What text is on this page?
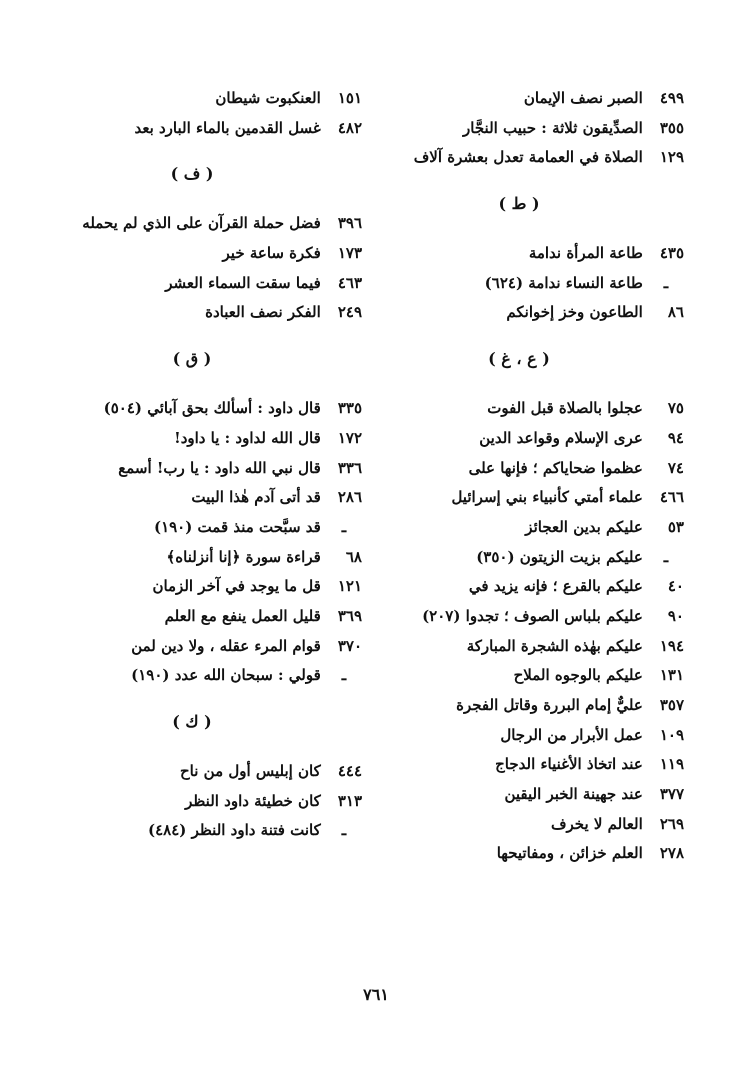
٤٩٩ الصبر نصف الإيمان
٣٥٥ الصدِّيقون ثلاثة : حبيب النجَّار
١٢٩ الصلاة في العمامة تعدل بعشرة آلاف
( ط )
٤٣٥ طاعة المرأة ندامة
ـ طاعة النساء ندامة (٦٢٤)
٨٦ الطاعون وخز إخوانكم
( ع ، غ )
٧٥ عجلوا بالصلاة قبل الفوت
٩٤ عرى الإسلام وقواعد الدين
٧٤ عظموا ضحاياكم ؛ فإنها على
٤٦٦ علماء أمتي كأنبياء بني إسرائيل
٥٣ عليكم بدين العجائز
ـ عليكم بزيت الزيتون (٣٥٠)
٤٠ عليكم بالقرع ؛ فإنه يزيد في
٩٠ عليكم بلباس الصوف ؛ تجدوا (٢٠٧)
١٩٤ عليكم بهٰذه الشجرة المباركة
١٣١ عليكم بالوجوه الملاح
٣٥٧ عليٌّ إمام البررة وقاتل الفجرة
١٠٩ عمل الأبرار من الرجال
١١٩ عند اتخاذ الأغنياء الدجاج
٣٧٧ عند جهينة الخبر اليقين
٢٦٩ العالم لا يخرف
٢٧٨ العلم خزائن ، ومفاتيحها
١٥١ العنكبوت شيطان
٤٨٢ غسل القدمين بالماء البارد بعد
( ف )
٣٩٦ فضل حملة القرآن على الذي لم يحمله
١٧٣ فكرة ساعة خير
٤٦٣ فيما سقت السماء العشر
٢٤٩ الفكر نصف العبادة
( ق )
٣٣٥ قال داود : أسألك بحق آبائي (٥٠٤)
١٧٢ قال الله لداود : يا داود!
٣٣٦ قال نبي الله داود : يا رب! أسمع
٢٨٦ قد أتى آدم هٰذا البيت
ـ قد سبَّحت منذ قمت (١٩٠)
٦٨ قراءة سورة ﴿إنا أنزلناه﴾
١٢١ قل ما يوجد في آخر الزمان
٣٦٩ قليل العمل ينفع مع العلم
٣٧٠ قوام المرء عقله ، ولا دين لمن
ـ قولي : سبحان الله عدد (١٩٠)
( ك )
٤٤٤ كان إبليس أول من ناح
٣١٣ كان خطيئة داود النظر
ـ كانت فتنة داود النظر (٤٨٤)
٧٦١
